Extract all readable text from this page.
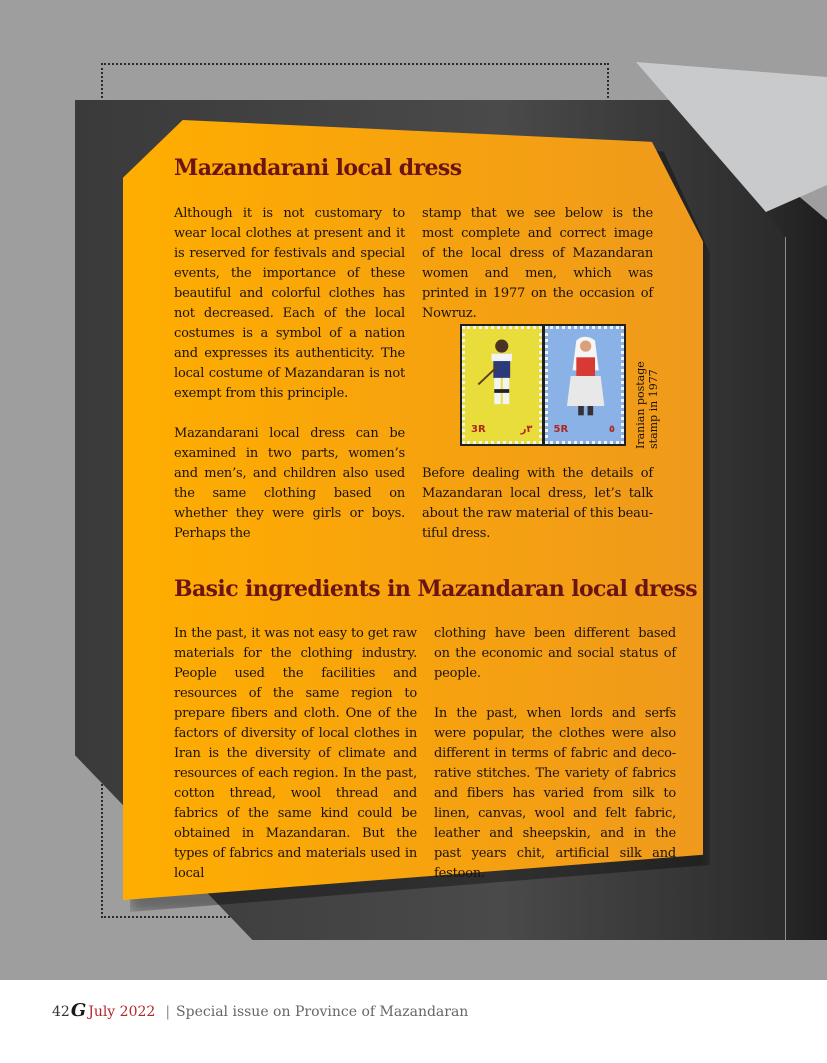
Mazandarani local dress

Although it is not customary to wear local clothes at present and it is reserved for festivals and special events, the importance of these beautiful and colorful clothes has not decreased. Each of the local costumes is a symbol of a nation and expresses its authenticity. The local costume of Mazandaran is not exempt from this principle.

Mazandarani local dress can be examined in two parts, women’s and men’s, and children also used the same clothing based on whether they were girls or boys. Perhaps the

stamp that we see below is the most complete and correct image of the local dress of Mazandaran women and men, which was printed in 1977 on the occasion of Nowruz.

3R	٣ر 5R	٥ Iranian postage stamp in 1977

Before dealing with the details of Mazandaran local dress, let’s talk about the raw material of this beau-tiful dress.

Basic ingredients in Mazandaran local dress

In the past, it was not easy to get raw materials for the clothing industry. People used the facilities and resources of the same region to prepare fibers and cloth. One of the factors of diversity of local clothes in Iran is the diversity of climate and resources of each region. In the past, cotton thread, wool thread and fabrics of the same kind could be obtained in Mazandaran. But the types of fabrics and materials used in local

clothing have been different based on the economic and social status of people.

In the past, when lords and serfs were popular, the clothes were also different in terms of fabric and deco-rative stitches. The variety of fabrics and fibers has varied from silk to linen, canvas, wool and felt fabric, leather and sheepskin, and in the past years chit, artificial silk and festoon.

42 G July 2022 | Special issue on Province of Mazandaran
